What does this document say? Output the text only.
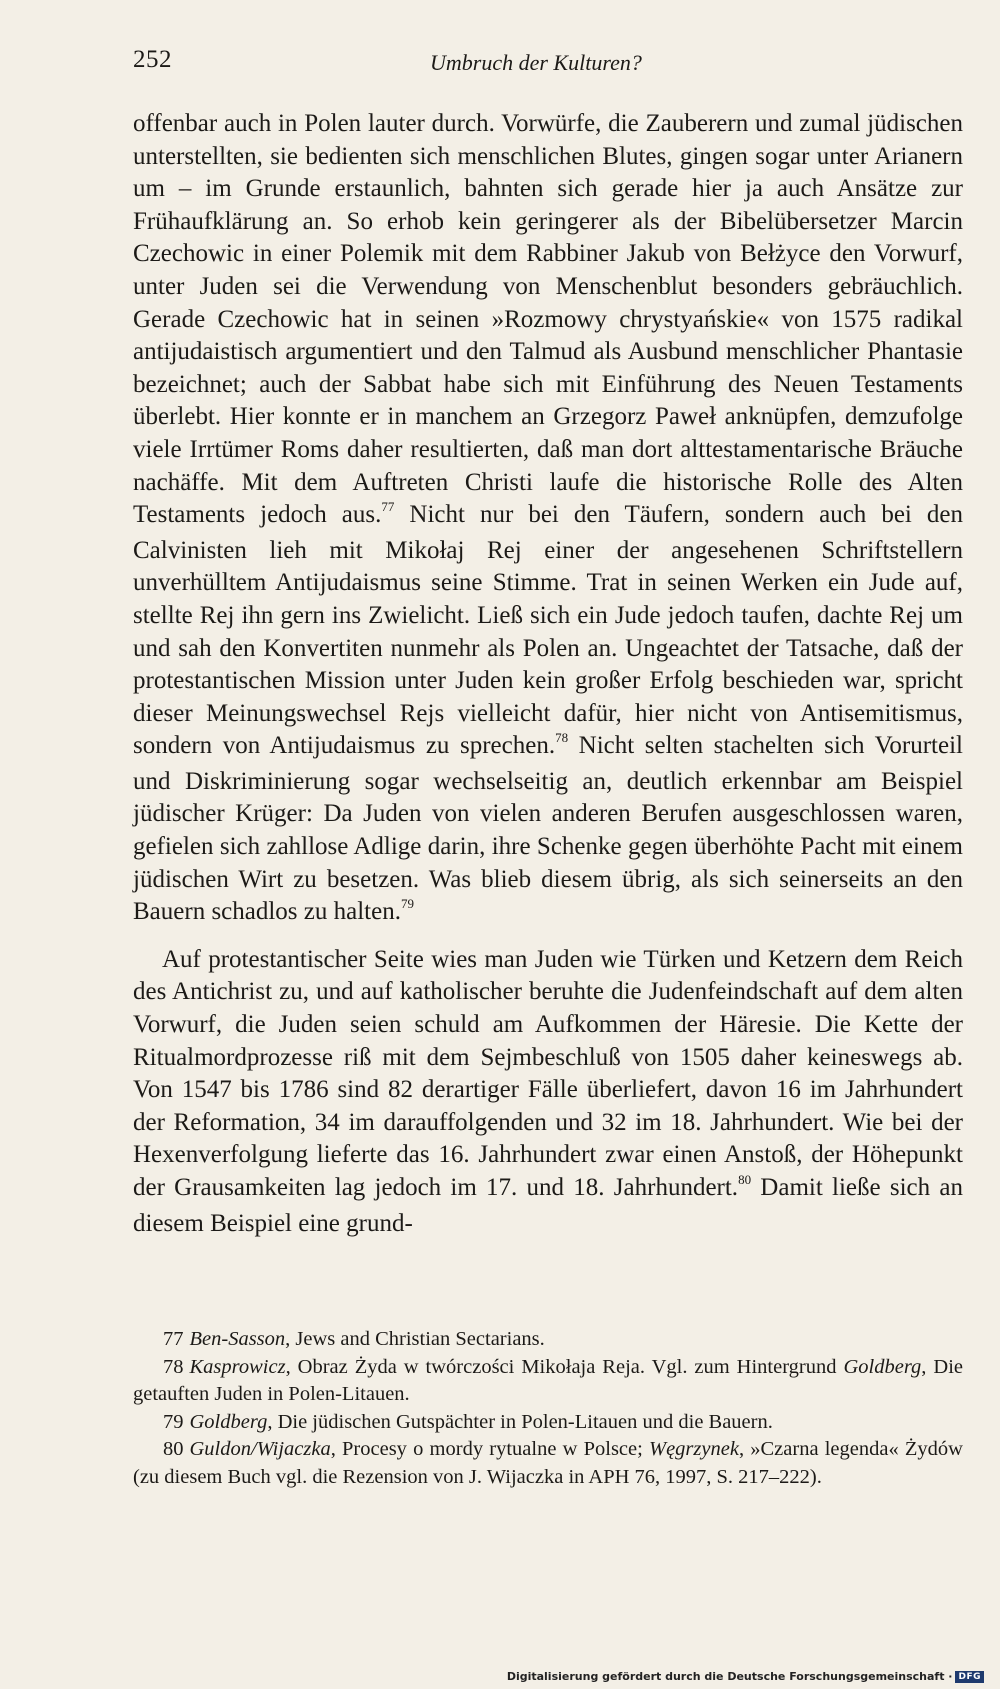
252	Umbruch der Kulturen?

offenbar auch in Polen lauter durch. Vorwürfe, die Zauberern und zumal jüdischen unterstellten, sie bedienten sich menschlichen Blutes, gingen sogar unter Arianern um – im Grunde erstaunlich, bahnten sich gerade hier ja auch Ansätze zur Frühaufklärung an. So erhob kein geringerer als der Bibelübersetzer Marcin Czechowic in einer Polemik mit dem Rabbiner Jakub von Bełżyce den Vorwurf, unter Juden sei die Verwendung von Menschenblut besonders gebräuchlich. Gerade Czechowic hat in seinen »Rozmowy chrystyańskie« von 1575 radikal antijudaistisch argumentiert und den Talmud als Ausbund menschlicher Phantasie bezeichnet; auch der Sabbat habe sich mit Einführung des Neuen Testaments überlebt. Hier konnte er in manchem an Grzegorz Paweł anknüpfen, demzufolge viele Irrtümer Roms daher resultierten, daß man dort alttestamentarische Bräuche nachäffe. Mit dem Auftreten Christi laufe die historische Rolle des Alten Testaments jedoch aus.$^{77}$ Nicht nur bei den Täufern, sondern auch bei den Calvinisten lieh mit Mikołaj Rej einer der angesehenen Schriftstellern unverhülltem Antijudaismus seine Stimme. Trat in seinen Werken ein Jude auf, stellte Rej ihn gern ins Zwielicht. Ließ sich ein Jude jedoch taufen, dachte Rej um und sah den Konvertiten nunmehr als Polen an. Ungeachtet der Tatsache, daß der protestantischen Mission unter Juden kein großer Erfolg beschieden war, spricht dieser Meinungswechsel Rejs vielleicht dafür, hier nicht von Antisemitismus, sondern von Antijudaismus zu sprechen.$^{78}$ Nicht selten stachelten sich Vorurteil und Diskriminierung sogar wechselseitig an, deutlich erkennbar am Beispiel jüdischer Krüger: Da Juden von vielen anderen Berufen ausgeschlossen waren, gefielen sich zahllose Adlige darin, ihre Schenke gegen überhöhte Pacht mit einem jüdischen Wirt zu besetzen. Was blieb diesem übrig, als sich seinerseits an den Bauern schadlos zu halten.$^{79}$

Auf protestantischer Seite wies man Juden wie Türken und Ketzern dem Reich des Antichrist zu, und auf katholischer beruhte die Judenfeindschaft auf dem alten Vorwurf, die Juden seien schuld am Aufkommen der Häresie. Die Kette der Ritualmordprozesse riß mit dem Sejmbeschluß von 1505 daher keineswegs ab. Von 1547 bis 1786 sind 82 derartiger Fälle überliefert, davon 16 im Jahrhundert der Reformation, 34 im darauffolgenden und 32 im 18. Jahrhundert. Wie bei der Hexenverfolgung lieferte das 16. Jahrhundert zwar einen Anstoß, der Höhepunkt der Grausamkeiten lag jedoch im 17. und 18. Jahrhundert.$^{80}$ Damit ließe sich an diesem Beispiel eine grund-

77 Ben-Sasson, Jews and Christian Sectarians.

78 Kasprowicz, Obraz Żyda w twórczości Mikołaja Reja. Vgl. zum Hintergrund Goldberg, Die getauften Juden in Polen-Litauen.

79 Goldberg, Die jüdischen Gutspächter in Polen-Litauen und die Bauern.

80 Guldon/Wijaczka, Procesy o mordy rytualne w Polsce; Węgrzynek, »Czarna legenda« Żydów (zu diesem Buch vgl. die Rezension von J. Wijaczka in APH 76, 1997, S. 217–222).

Digitalisierung gefördert durch die Deutsche Forschungsgemeinschaft · DFG
